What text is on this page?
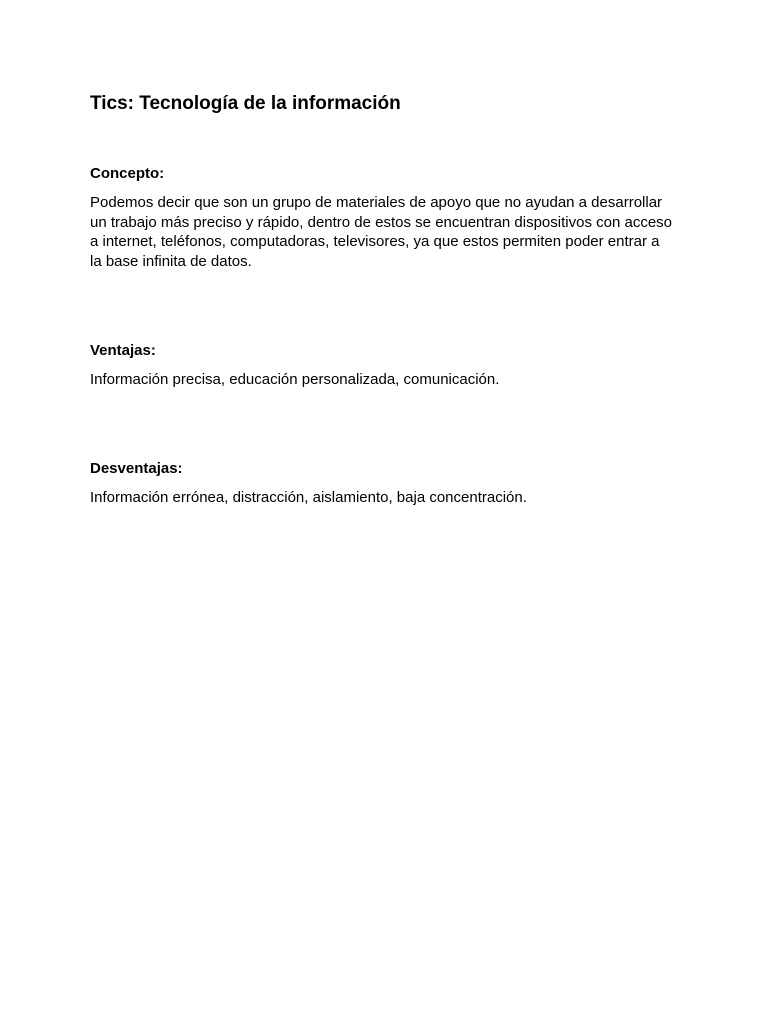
Tics: Tecnología de la información
Concepto:
Podemos decir que son un grupo de materiales de apoyo que no ayudan a desarrollar
un trabajo más preciso y rápido, dentro de estos se encuentran dispositivos con acceso
a internet, teléfonos, computadoras, televisores, ya que estos permiten poder entrar a
la base infinita de datos.
Ventajas:
Información precisa, educación personalizada, comunicación.
Desventajas:
Información errónea, distracción, aislamiento, baja concentración.
